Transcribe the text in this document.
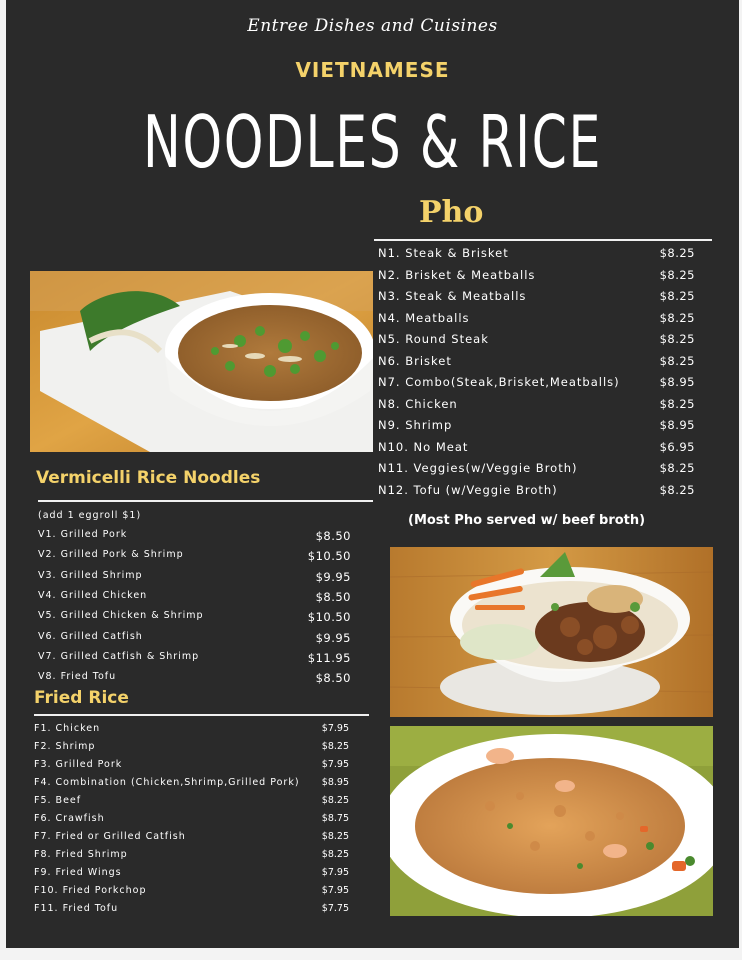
Entree Dishes and Cuisines
VIETNAMESE
NOODLES & RICE
Pho
N1. Steak & Brisket	$8.25
N2. Brisket & Meatballs	$8.25
N3. Steak & Meatballs	$8.25
N4. Meatballs	$8.25
N5. Round Steak	$8.25
N6. Brisket	$8.25
N7. Combo(Steak,Brisket,Meatballs)	$8.95
N8. Chicken	$8.25
N9. Shrimp	$8.95
N10. No Meat	$6.95
N11. Veggies(w/Veggie Broth)	$8.25
N12. Tofu (w/Veggie Broth)	$8.25
(Most Pho served w/ beef broth)
Vermicelli Rice Noodles
(add 1 eggroll $1)
V1. Grilled Pork	$8.50
V2. Grilled Pork & Shrimp	$10.50
V3. Grilled Shrimp	$9.95
V4. Grilled Chicken	$8.50
V5. Grilled Chicken & Shrimp	$10.50
V6. Grilled Catfish	$9.95
V7. Grilled Catfish & Shrimp	$11.95
V8. Fried Tofu	$8.50
Fried Rice
F1. Chicken	$7.95
F2. Shrimp	$8.25
F3. Grilled Pork	$7.95
F4. Combination (Chicken,Shrimp,Grilled Pork) $8.95
F5. Beef	$8.25
F6. Crawfish	$8.75
F7. Fried or Grilled Catfish	$8.25
F8. Fried Shrimp	$8.25
F9. Fried Wings	$7.95
F10. Fried Porkchop	$7.95
F11. Fried Tofu	$7.75
